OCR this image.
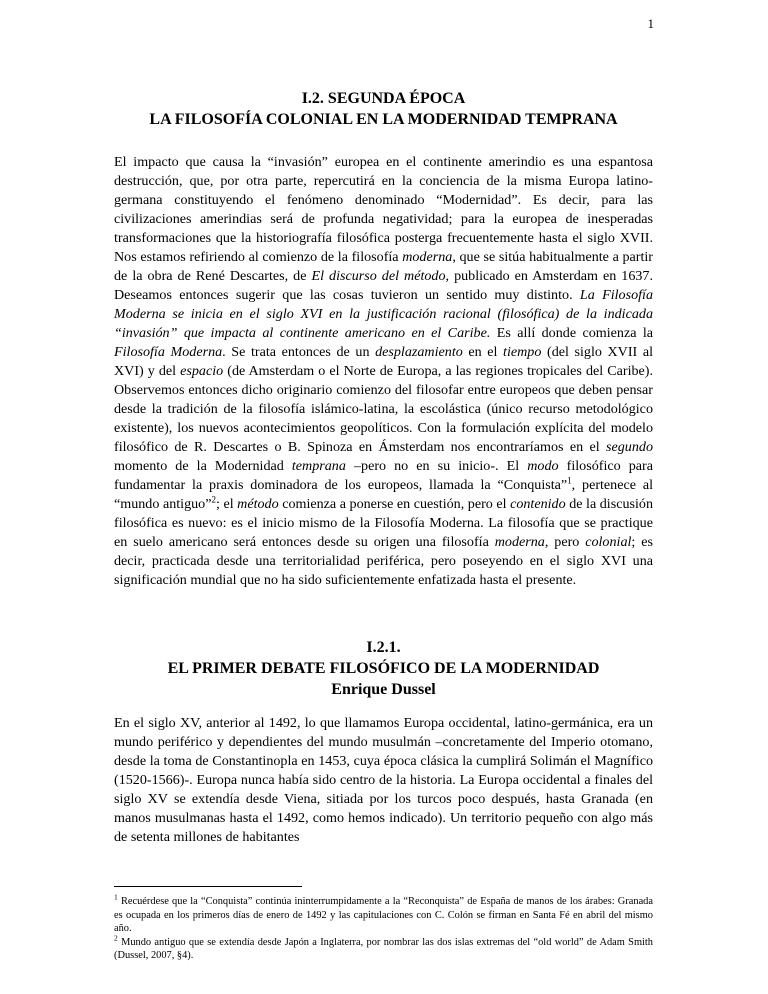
1

I.2. SEGUNDA ÉPOCA
LA FILOSOFÍA COLONIAL EN LA MODERNIDAD TEMPRANA

El impacto que causa la “invasión” europea en el continente amerindio es una espantosa destrucción, que, por otra parte, repercutirá en la conciencia de la misma Europa latino-germana constituyendo el fenómeno denominado “Modernidad”. Es decir, para las civilizaciones amerindias será de profunda negatividad; para la europea de inesperadas transformaciones que la historiografía filosófica posterga frecuentemente hasta el siglo XVII. Nos estamos refiriendo al comienzo de la filosofía moderna, que se sitúa habitualmente a partir de la obra de René Descartes, de El discurso del método, publicado en Amsterdam en 1637. Deseamos entonces sugerir que las cosas tuvieron un sentido muy distinto. La Filosofía Moderna se inicia en el siglo XVI en la justificación racional (filosófica) de la indicada “invasión” que impacta al continente americano en el Caribe. Es allí donde comienza la Filosofía Moderna. Se trata entonces de un desplazamiento en el tiempo (del siglo XVII al XVI) y del espacio (de Amsterdam o el Norte de Europa, a las regiones tropicales del Caribe). Observemos entonces dicho originario comienzo del filosofar entre europeos que deben pensar desde la tradición de la filosofía islámico-latina, la escolástica (único recurso metodológico existente), los nuevos acontecimientos geopolíticos. Con la formulación explícita del modelo filosófico de R. Descartes o B. Spinoza en Ámsterdam nos encontraríamos en el segundo momento de la Modernidad temprana –pero no en su inicio-. El modo filosófico para fundamentar la praxis dominadora de los europeos, llamada la “Conquista”$^1$, pertenece al “mundo antiguo”$^2$; el método comienza a ponerse en cuestión, pero el contenido de la discusión filosófica es nuevo: es el inicio mismo de la Filosofía Moderna. La filosofía que se practique en suelo americano será entonces desde su origen una filosofía moderna, pero colonial; es decir, practicada desde una territorialidad periférica, pero poseyendo en el siglo XVI una significación mundial que no ha sido suficientemente enfatizada hasta el presente.

I.2.1.
EL PRIMER DEBATE FILOSÓFICO DE LA MODERNIDAD
Enrique Dussel

En el siglo XV, anterior al 1492, lo que llamamos Europa occidental, latino-germánica, era un mundo periférico y dependientes del mundo musulmán –concretamente del Imperio otomano, desde la toma de Constantinopla en 1453, cuya época clásica la cumplirá Solimán el Magnífico (1520-1566)-. Europa nunca había sido centro de la historia. La Europa occidental a finales del siglo XV se extendía desde Viena, sitiada por los turcos poco después, hasta Granada (en manos musulmanas hasta el 1492, como hemos indicado). Un territorio pequeño con algo más de setenta millones de habitantes

$^1$ Recuérdese que la “Conquista” continúa ininterrumpidamente a la “Reconquista” de España de manos de los árabes: Granada es ocupada en los primeros días de enero de 1492 y las capitulaciones con C. Colón se firman en Santa Fé en abril del mismo año.

$^2$ Mundo antiguo que se extendía desde Japón a Inglaterra, por nombrar las dos islas extremas del “old world” de Adam Smith (Dussel, 2007, §4).
